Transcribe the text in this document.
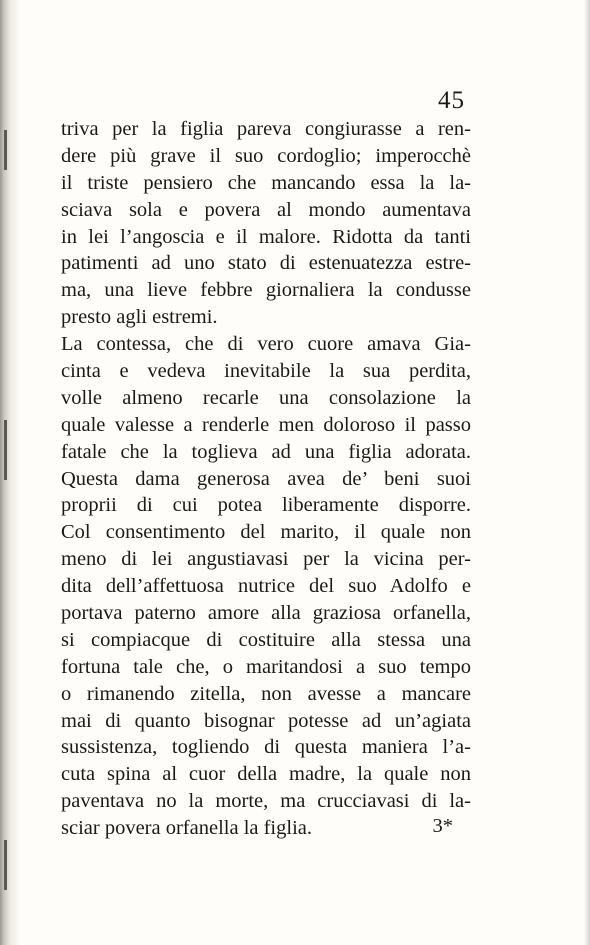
45
triva per la figlia pareva congiurasse a ren-
dere più grave il suo cordoglio; imperocchè
il triste pensiero che mancando essa la la-
sciava sola e povera al mondo aumentava
in lei l’angoscia e il malore. Ridotta da tanti
patimenti ad uno stato di estenuatezza estre-
ma, una lieve febbre giornaliera la condusse
presto agli estremi.
La contessa, che di vero cuore amava Gia-
cinta e vedeva inevitabile la sua perdita,
volle almeno recarle una consolazione la
quale valesse a renderle men doloroso il passo
fatale che la toglieva ad una figlia adorata.
Questa dama generosa avea de’ beni suoi
proprii di cui potea liberamente disporre.
Col consentimento del marito, il quale non
meno di lei angustiavasi per la vicina per-
dita dell’affettuosa nutrice del suo Adolfo e
portava paterno amore alla graziosa orfanella,
si compiacque di costituire alla stessa una
fortuna tale che, o maritandosi a suo tempo
o rimanendo zitella, non avesse a mancare
mai di quanto bisognar potesse ad un’agiata
sussistenza, togliendo di questa maniera l’a-
cuta spina al cuor della madre, la quale non
paventava no la morte, ma crucciavasi di la-
sciar povera orfanella la figlia.	3*
